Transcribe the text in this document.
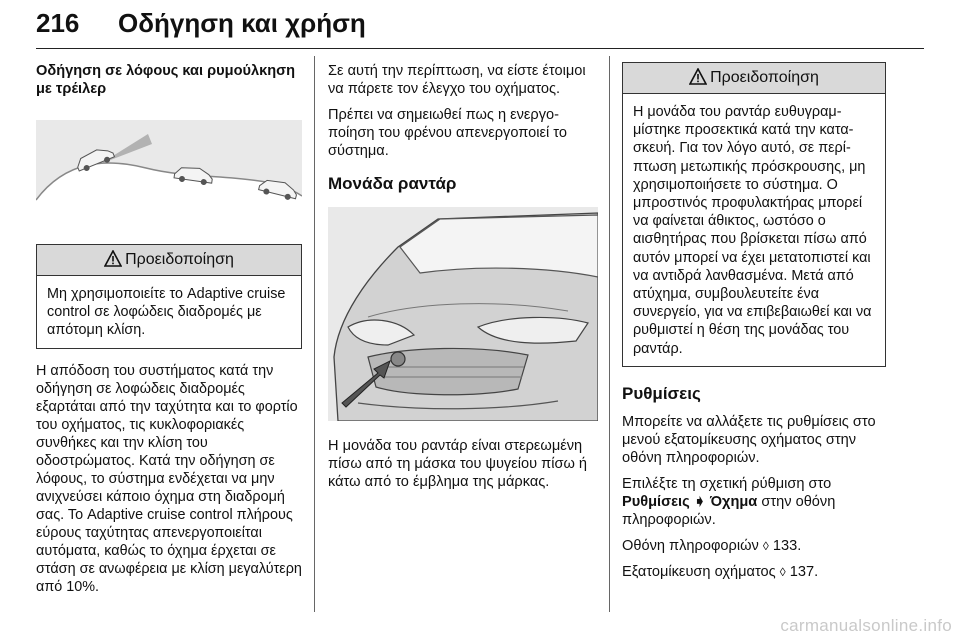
216 Οδήγηση και χρήση
Οδήγηση σε λόφους και ρυμούλκηση με τρέιλερ
Προειδοποίηση

Μη χρησιμοποιείτε το Adaptive cruise control σε λοφώδεις διαδρομές με απότομη κλίση.

Η απόδοση του συστήματος κατά την οδήγηση σε λοφώδεις διαδρομές εξαρτάται από την ταχύτητα και το φορτίο του οχήματος, τις κυκλοφοριακές συνθήκες και την κλίση του οδοστρώματος. Κατά την οδήγηση σε λόφους, το σύστημα ενδέχεται να μην ανιχνεύσει κάποιο όχημα στη διαδρομή σας. Το Adaptive cruise control πλήρους εύρους ταχύτητας απενεργοποιείται αυτόματα, καθώς το όχημα έρχεται σε στάση σε ανωφέρεια με κλίση μεγαλύτερη από 10%.

Σε αυτή την περίπτωση, να είστε έτοιμοι να πάρετε τον έλεγχο του οχήματος.

Πρέπει να σημειωθεί πως η ενεργοποίηση του φρένου απενεργοποιεί το σύστημα.

Μονάδα ραντάρ

Η μονάδα του ραντάρ είναι στερεωμένη πίσω από τη μάσκα του ψυγείου πίσω ή κάτω από το έμβλημα της μάρκας.

Προειδοποίηση

Η μονάδα του ραντάρ ευθυγραμμίστηκε προσεκτικά κατά την κατασκευή. Για τον λόγο αυτό, σε περίπτωση μετωπικής πρόσκρουσης, μη χρησιμοποιήσετε το σύστημα. Ο μπροστινός προφυλακτήρας μπορεί να φαίνεται άθικτος, ωστόσο ο αισθητήρας που βρίσκεται πίσω από αυτόν μπορεί να έχει μετατοπιστεί και να αντιδρά λανθασμένα. Μετά από ατύχημα, συμβουλευτείτε ένα συνεργείο, για να επιβεβαιωθεί και να ρυθμιστεί η θέση της μονάδας του ραντάρ.

Ρυθμίσεις

Μπορείτε να αλλάξετε τις ρυθμίσεις στο μενού εξατομίκευσης οχήματος στην οθόνη πληροφοριών.

Επιλέξτε τη σχετική ρύθμιση στο Ρυθμίσεις ➧ Όχημα στην οθόνη πληροφοριών.

Οθόνη πληροφοριών ◊ 133.

Εξατομίκευση οχήματος ◊ 137.

carmanualsonline.info
